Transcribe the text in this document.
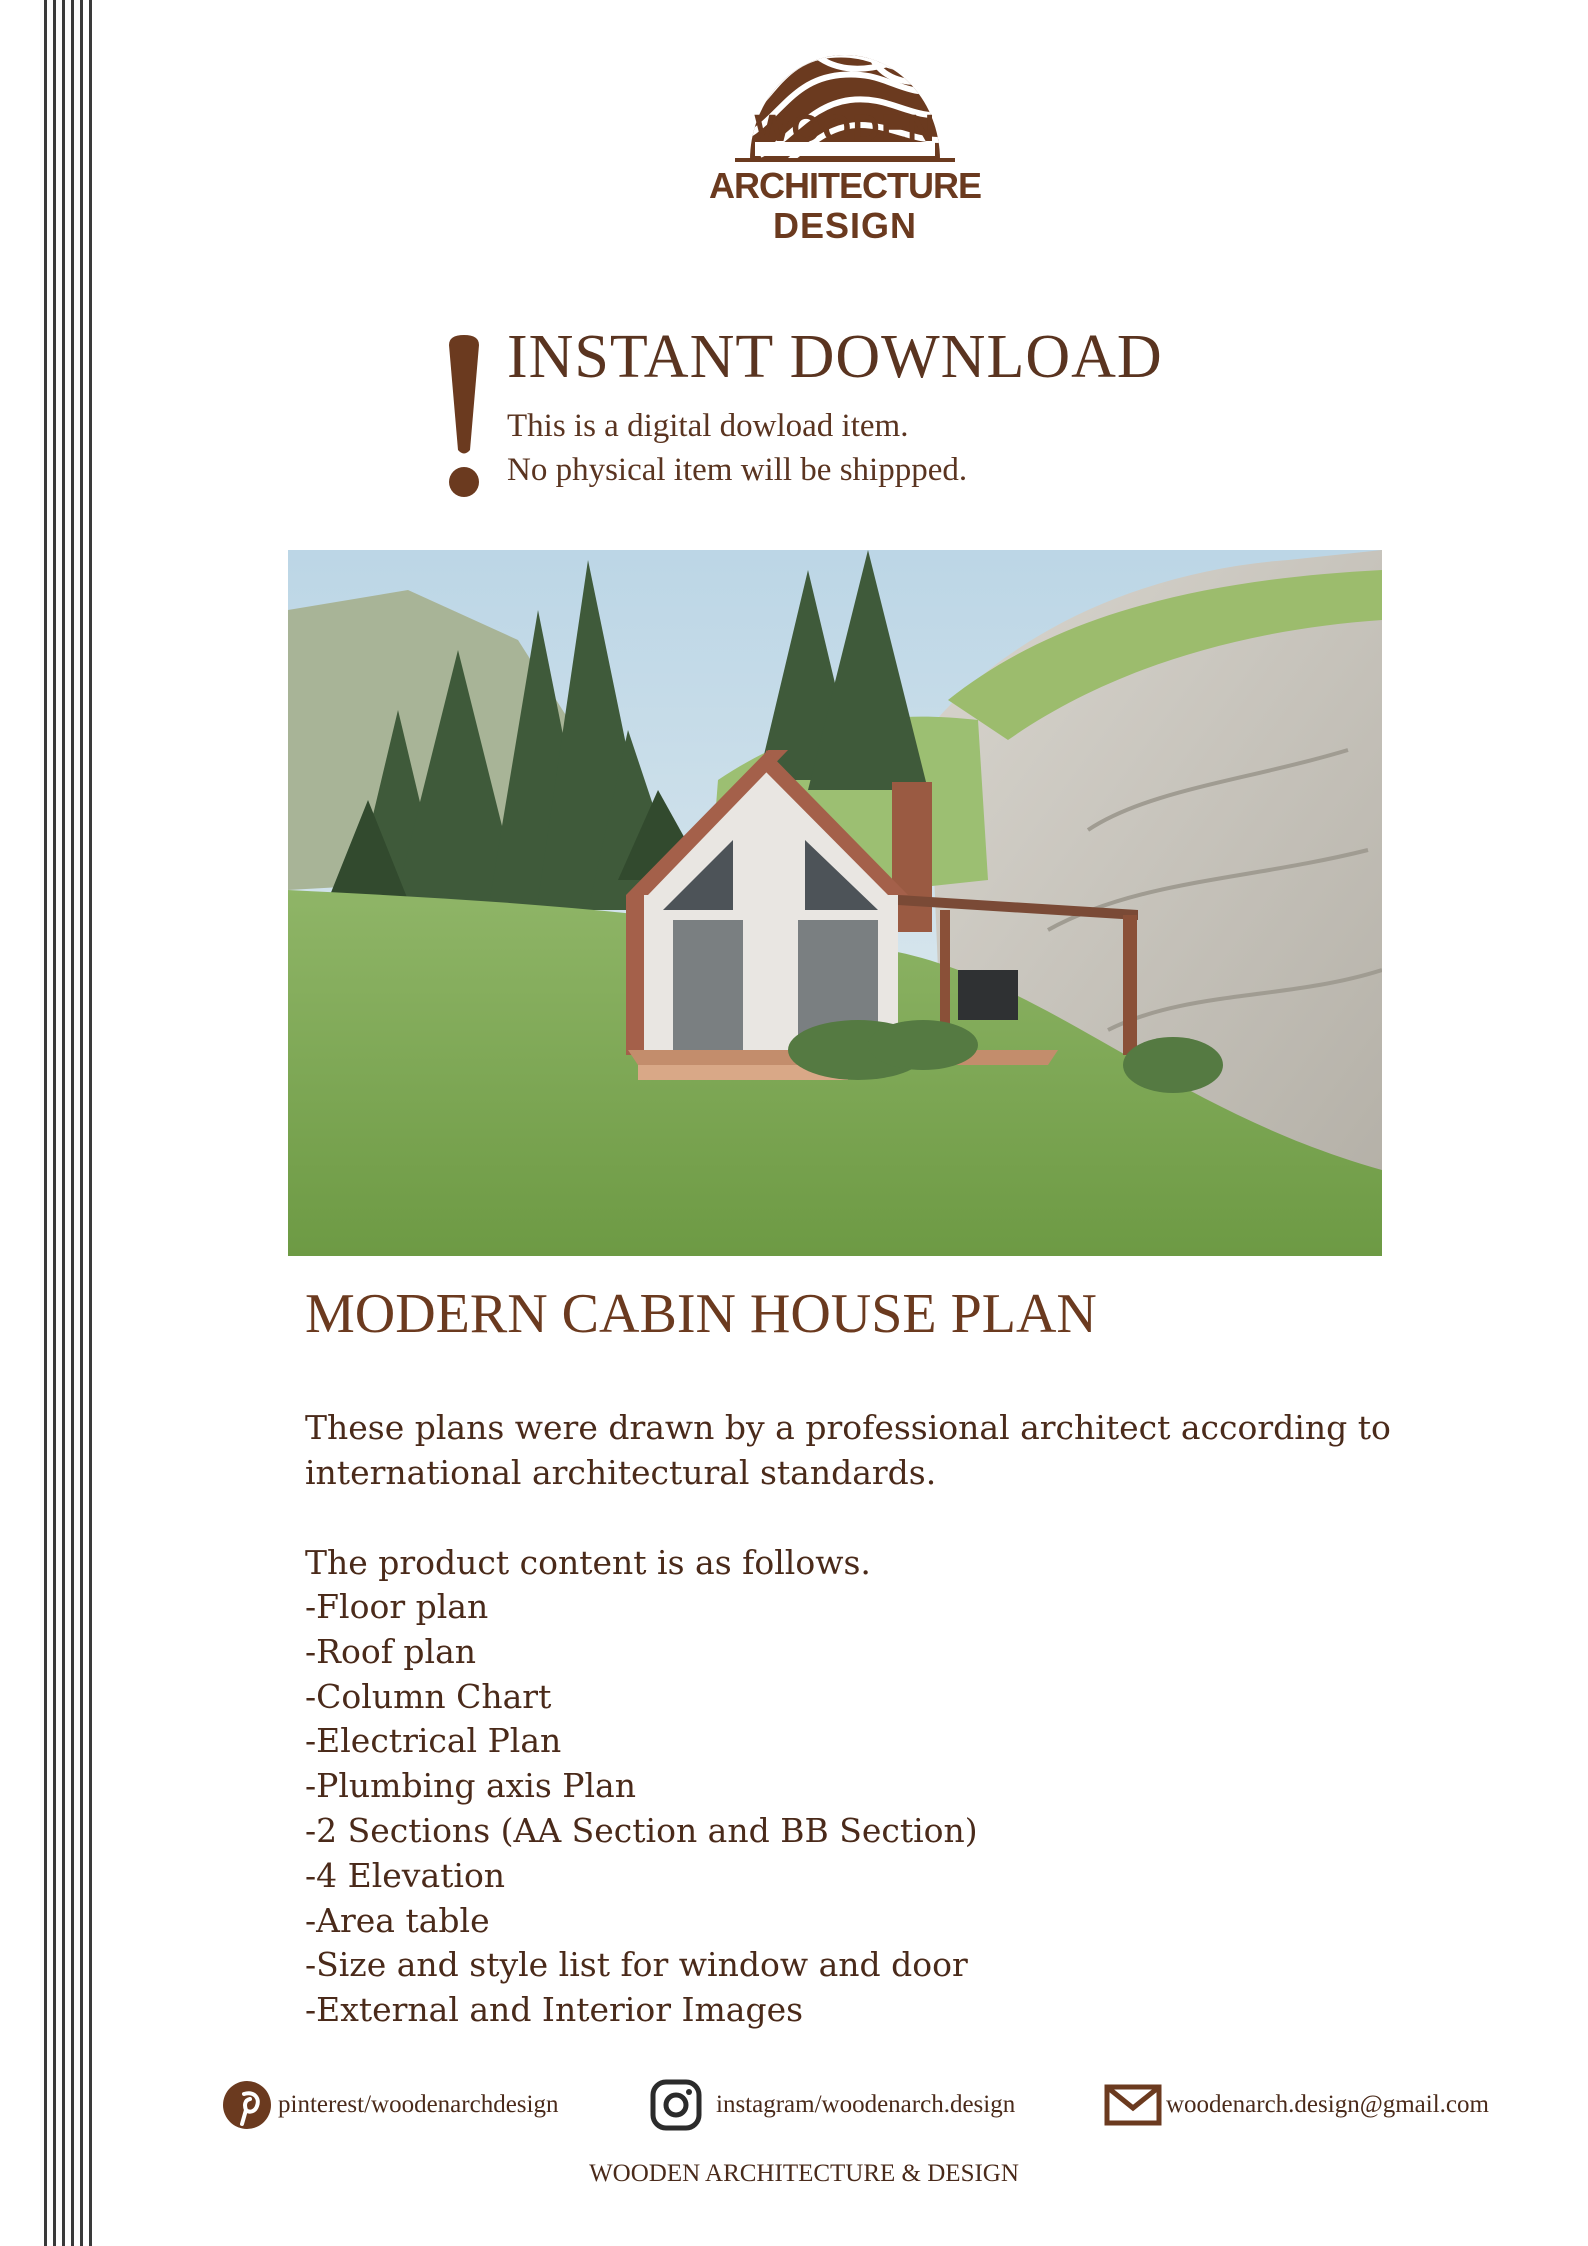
WOODEN
ARCHITECTURE
DESIGN
INSTANT DOWNLOAD
This is a digital dowload item.
No physical item will be shippped.
MODERN CABIN HOUSE PLAN
These plans were drawn by a professional architect according to
international architectural standards.
The product content is as follows.
-Floor plan
-Roof plan
-Column Chart
-Electrical Plan
-Plumbing axis Plan
-2 Sections (AA Section and BB Section)
-4 Elevation
-Area table
-Size and style list for window and door
-External and Interior Images
pinterest/woodenarchdesign	instagram/woodenarch.design	woodenarch.design@gmail.com
WOODEN ARCHITECTURE & DESIGN
